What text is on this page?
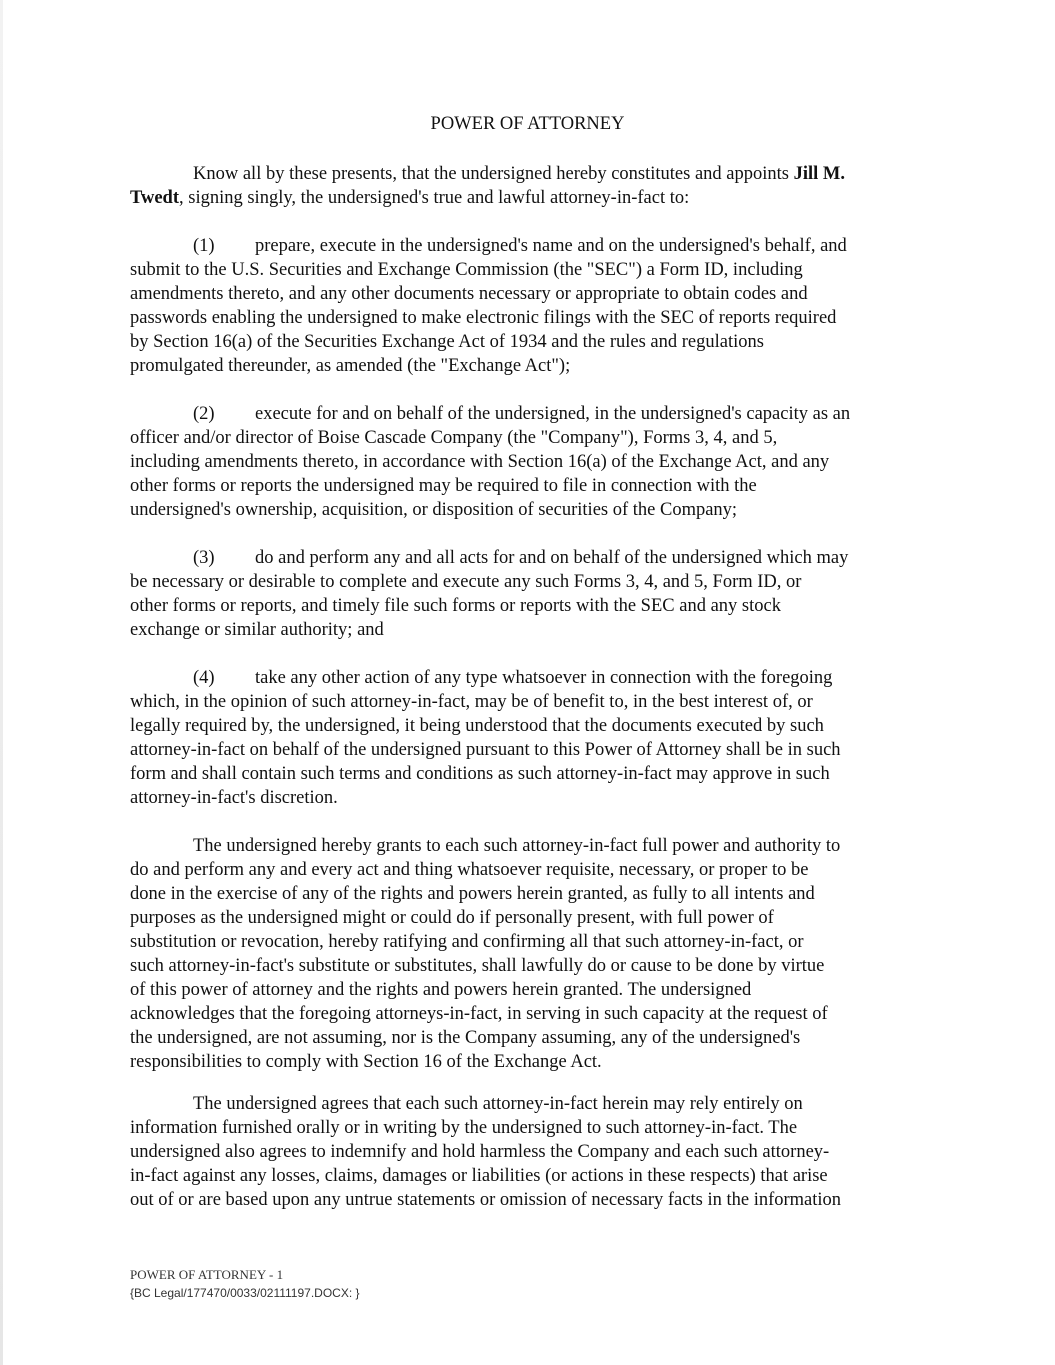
POWER OF ATTORNEY
Know all by these presents, that the undersigned hereby constitutes and appoints Jill M.
Twedt, signing singly, the undersigned's true and lawful attorney-in-fact to:
(1) prepare, execute in the undersigned's name and on the undersigned's behalf, and
submit to the U.S. Securities and Exchange Commission (the "SEC") a Form ID, including
amendments thereto, and any other documents necessary or appropriate to obtain codes and
passwords enabling the undersigned to make electronic filings with the SEC of reports required
by Section 16(a) of the Securities Exchange Act of 1934 and the rules and regulations
promulgated thereunder, as amended (the "Exchange Act");
(2) execute for and on behalf of the undersigned, in the undersigned's capacity as an
officer and/or director of Boise Cascade Company (the "Company"), Forms 3, 4, and 5,
including amendments thereto, in accordance with Section 16(a) of the Exchange Act, and any
other forms or reports the undersigned may be required to file in connection with the
undersigned's ownership, acquisition, or disposition of securities of the Company;
(3) do and perform any and all acts for and on behalf of the undersigned which may
be necessary or desirable to complete and execute any such Forms 3, 4, and 5, Form ID, or
other forms or reports, and timely file such forms or reports with the SEC and any stock
exchange or similar authority; and
(4) take any other action of any type whatsoever in connection with the foregoing
which, in the opinion of such attorney-in-fact, may be of benefit to, in the best interest of, or
legally required by, the undersigned, it being understood that the documents executed by such
attorney-in-fact on behalf of the undersigned pursuant to this Power of Attorney shall be in such
form and shall contain such terms and conditions as such attorney-in-fact may approve in such
attorney-in-fact's discretion.
The undersigned hereby grants to each such attorney-in-fact full power and authority to
do and perform any and every act and thing whatsoever requisite, necessary, or proper to be
done in the exercise of any of the rights and powers herein granted, as fully to all intents and
purposes as the undersigned might or could do if personally present, with full power of
substitution or revocation, hereby ratifying and confirming all that such attorney-in-fact, or
such attorney-in-fact's substitute or substitutes, shall lawfully do or cause to be done by virtue
of this power of attorney and the rights and powers herein granted. The undersigned
acknowledges that the foregoing attorneys-in-fact, in serving in such capacity at the request of
the undersigned, are not assuming, nor is the Company assuming, any of the undersigned's
responsibilities to comply with Section 16 of the Exchange Act.
The undersigned agrees that each such attorney-in-fact herein may rely entirely on
information furnished orally or in writing by the undersigned to such attorney-in-fact. The
undersigned also agrees to indemnify and hold harmless the Company and each such attorney-
in-fact against any losses, claims, damages or liabilities (or actions in these respects) that arise
out of or are based upon any untrue statements or omission of necessary facts in the information
POWER OF ATTORNEY - 1
{BC Legal/177470/0033/02111197.DOCX: }
